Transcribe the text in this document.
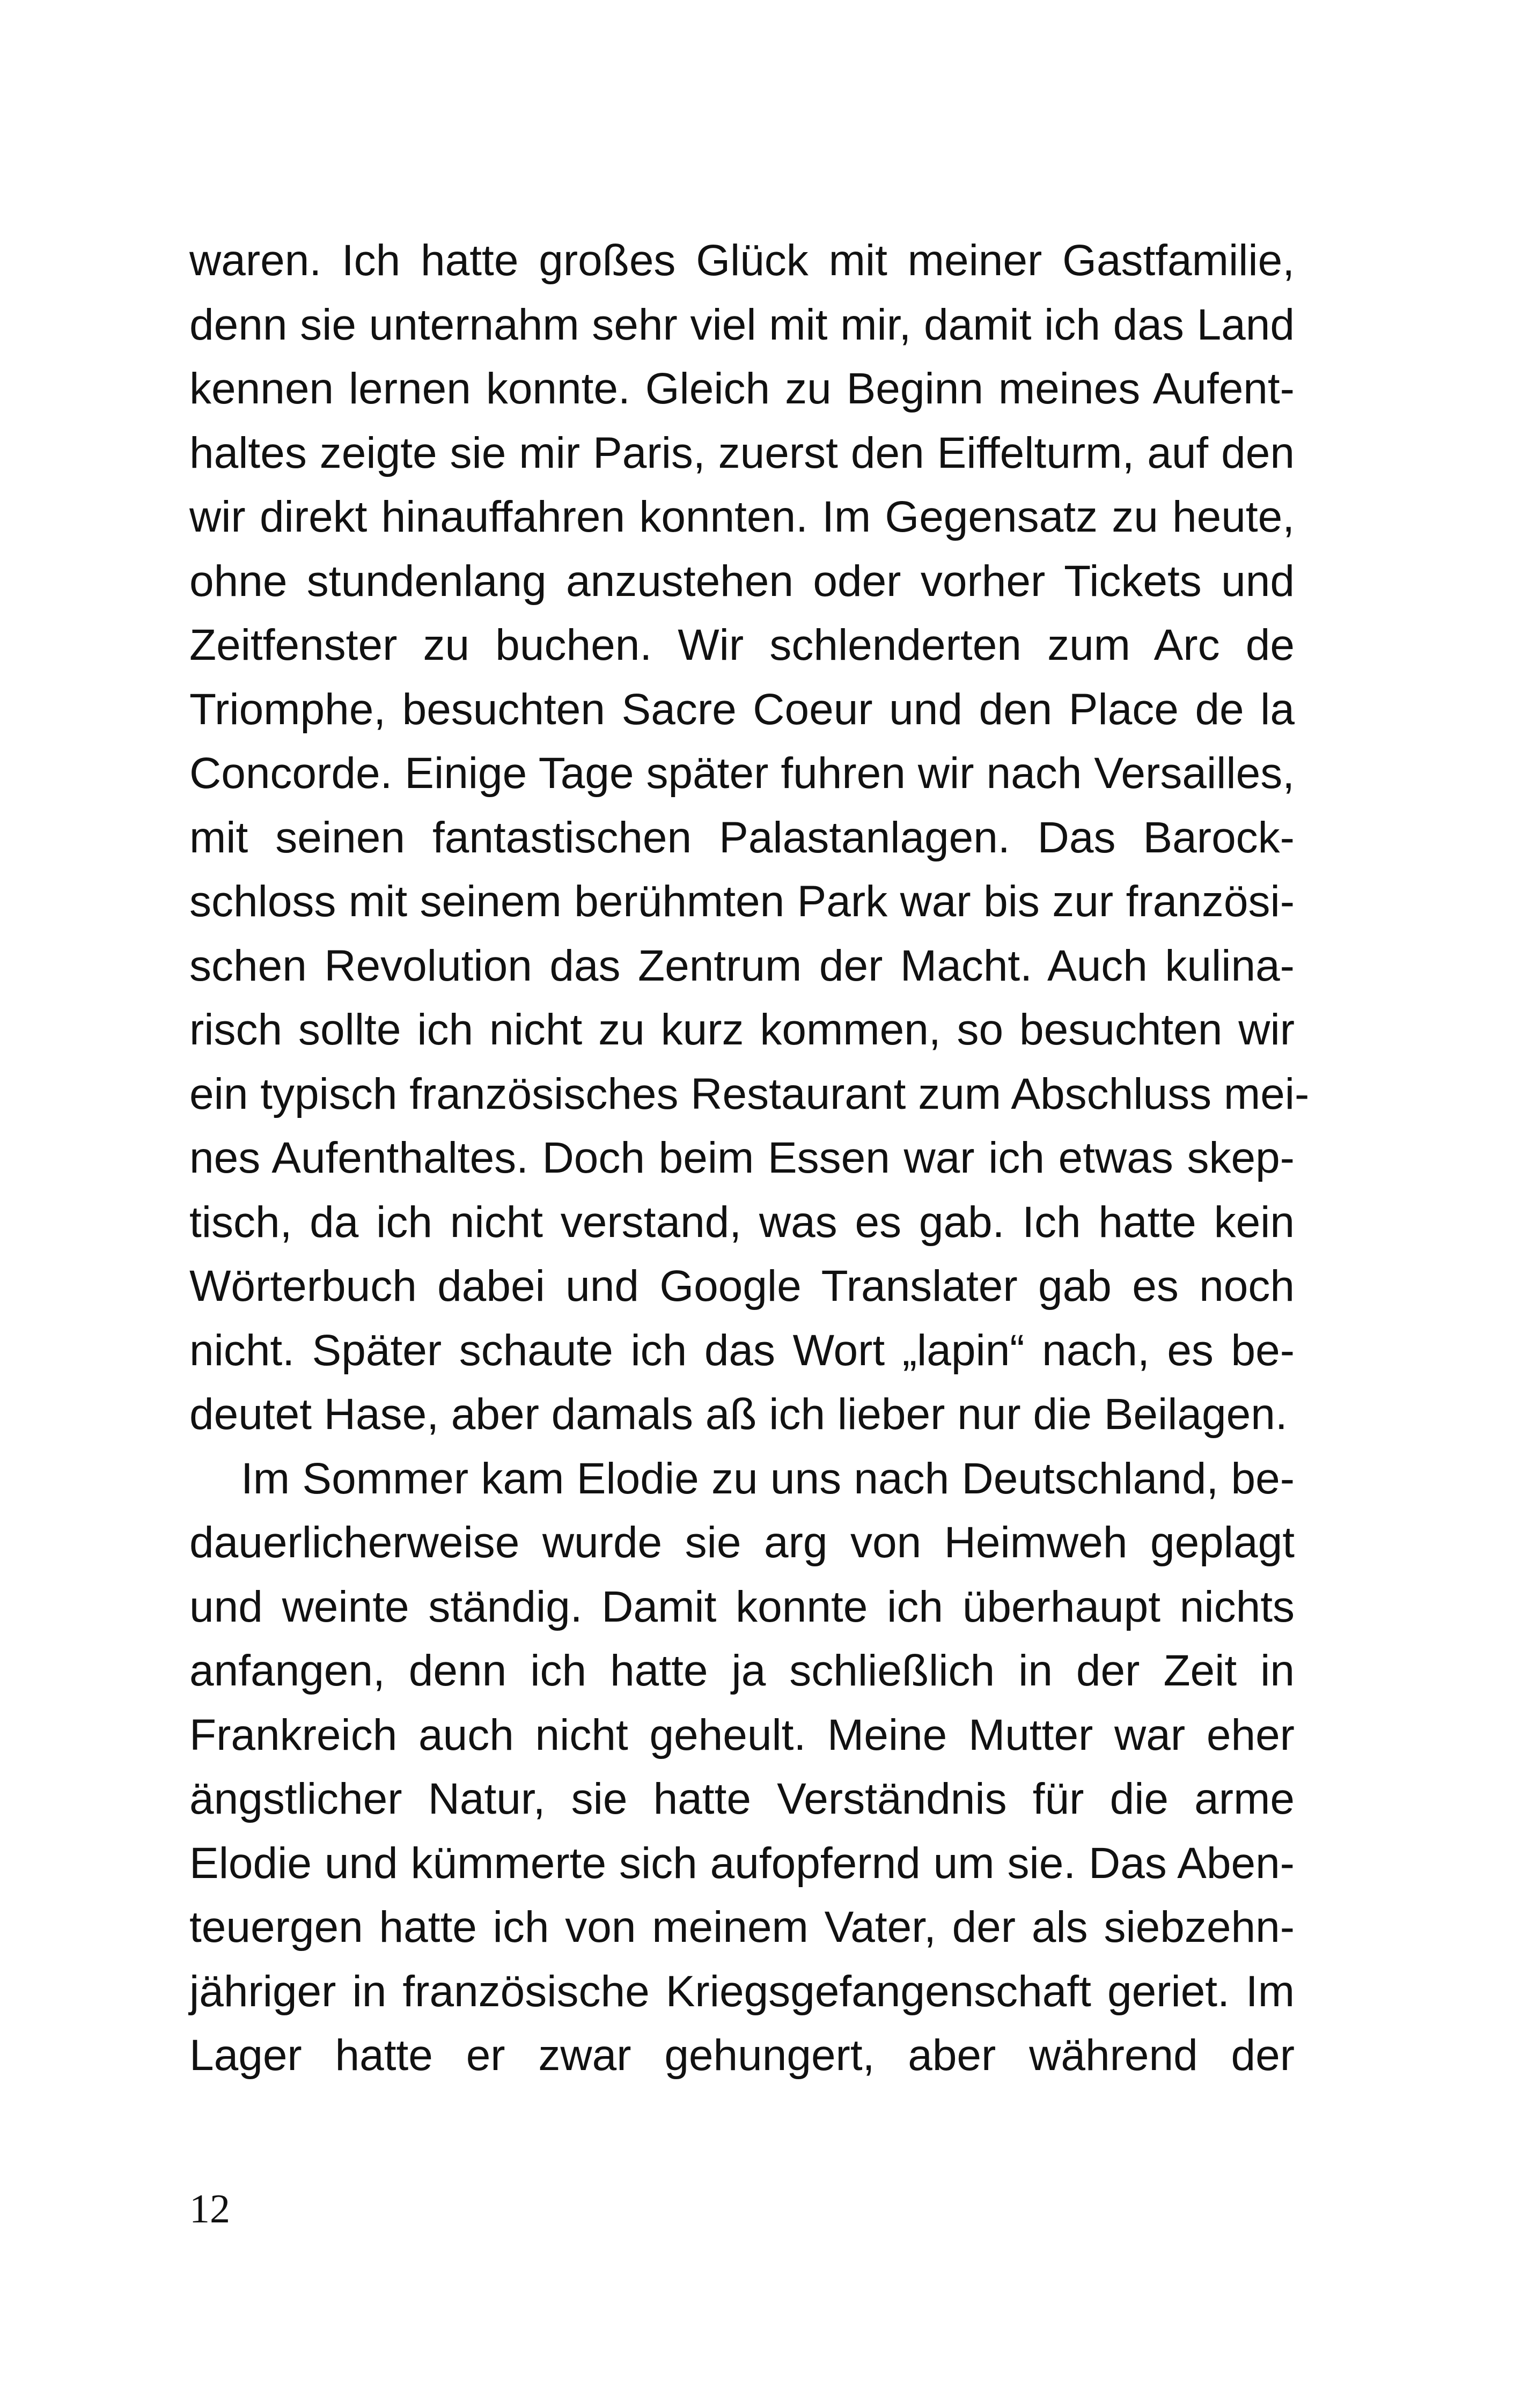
waren. Ich hatte großes Glück mit meiner Gastfamilie,
denn sie unternahm sehr viel mit mir, damit ich das Land
kennen lernen konnte. Gleich zu Beginn meines Aufent-
haltes zeigte sie mir Paris, zuerst den Eiffelturm, auf den
wir direkt hinauffahren konnten. Im Gegensatz zu heute,
ohne stundenlang anzustehen oder vorher Tickets und
Zeitfenster zu buchen. Wir schlenderten zum Arc de
Triomphe, besuchten Sacre Coeur und den Place de la
Concorde. Einige Tage später fuhren wir nach Versailles,
mit seinen fantastischen Palastanlagen. Das Barock-
schloss mit seinem berühmten Park war bis zur französi-
schen Revolution das Zentrum der Macht. Auch kulina-
risch sollte ich nicht zu kurz kommen, so besuchten wir
ein typisch französisches Restaurant zum Abschluss mei-
nes Aufenthaltes. Doch beim Essen war ich etwas skep-
tisch, da ich nicht verstand, was es gab. Ich hatte kein
Wörterbuch dabei und Google Translater gab es noch
nicht. Später schaute ich das Wort „lapin“ nach, es be-
deutet Hase, aber damals aß ich lieber nur die Beilagen.
Im Sommer kam Elodie zu uns nach Deutschland, be-
dauerlicherweise wurde sie arg von Heimweh geplagt
und weinte ständig. Damit konnte ich überhaupt nichts
anfangen, denn ich hatte ja schließlich in der Zeit in
Frankreich auch nicht geheult. Meine Mutter war eher
ängstlicher Natur, sie hatte Verständnis für die arme
Elodie und kümmerte sich aufopfernd um sie. Das Aben-
teuergen hatte ich von meinem Vater, der als siebzehn-
jähriger in französische Kriegsgefangenschaft geriet. Im
Lager hatte er zwar gehungert, aber während der
12
